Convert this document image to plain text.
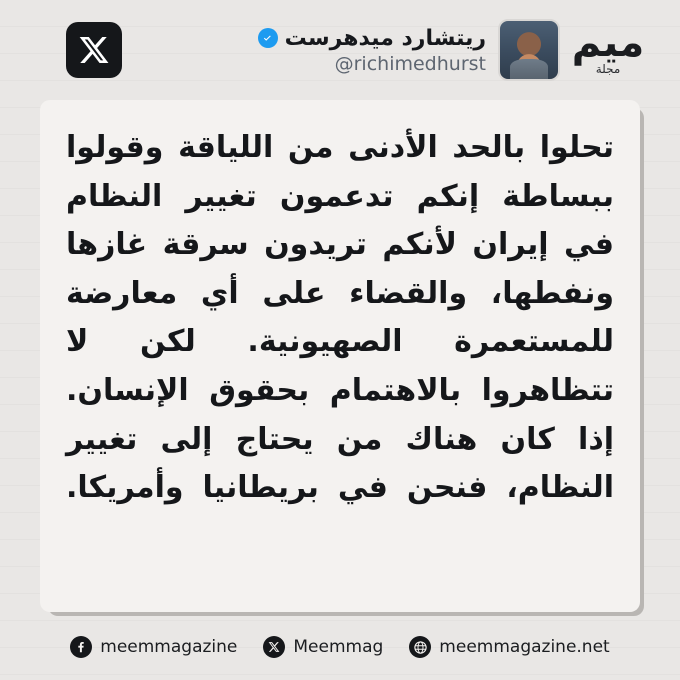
ريتشارد ميدهرست
@richimedhurst ميم
مجلة
تحلوا بالحد الأدنى من اللياقة وقولوا ببساطة إنكم تدعمون تغيير النظام في إيران لأنكم تريدون سرقة غازها ونفطها، والقضاء على أي معارضة للمستعمرة الصهيونية. لكن لا تتظاهروا بالاهتمام بحقوق الإنسان. إذا كان هناك من يحتاج إلى تغيير النظام، فنحن في بريطانيا وأمريكا.
meemmagazine	Meemmag	meemmagazine.net
